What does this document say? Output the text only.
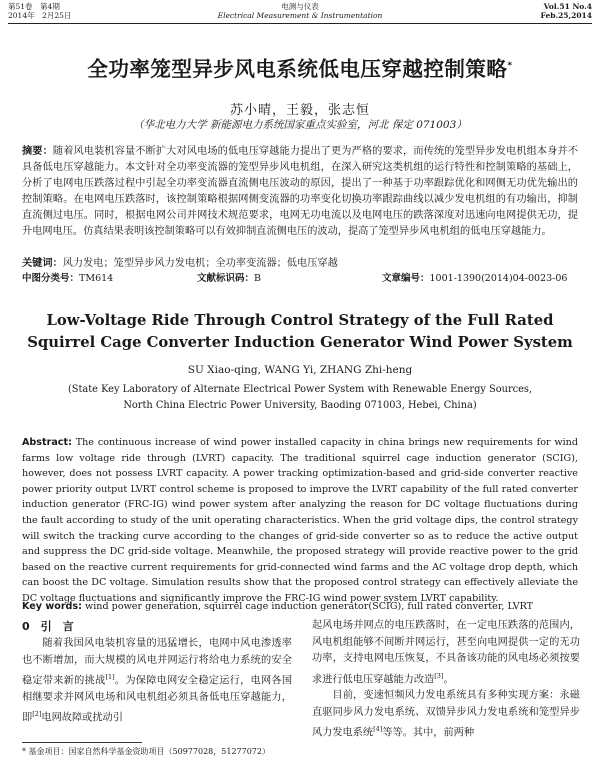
第51卷　第4期
2014年　2月25日
电测与仪表
Electrical Measurement & Instrumentation
Vol.51 No.4
Feb.25,2014
全功率笼型异步风电系统低电压穿越控制策略*
苏小晴，王毅，张志恒
（华北电力大学 新能源电力系统国家重点实验室，河北 保定 071003）
摘要：随着风电装机容量不断扩大对风电场的低电压穿越能力提出了更为严格的要求，而传统的笼型异步发电机组本身并不具备低电压穿越能力。本文针对全功率变流器的笼型异步风电机组，在深入研究这类机组的运行特性和控制策略的基础上，分析了电网电压跌落过程中引起全功率变流器直流侧电压波动的原因，提出了一种基于功率跟踪优化和网侧无功优先输出的控制策略。在电网电压跌落时，该控制策略根据网侧变流器的功率变化切换功率跟踪曲线以减少发电机组的有功输出，抑制直流侧过电压。同时，根据电网公司并网技术规范要求，电网无功电流以及电网电压的跌落深度对迅速向电网提供无功，提升电网电压。仿真结果表明该控制策略可以有效抑制直流侧电压的波动，提高了笼型异步风电机组的低电压穿越能力。
关键词：风力发电；笼型异步风力发电机；全功率变流器；低电压穿越
中图分类号：TM614	文献标识码：B	文章编号：1001-1390(2014)04-0023-06
Low-Voltage Ride Through Control Strategy of the Full Rated Squirrel Cage Converter Induction Generator Wind Power System
SU Xiao-qing, WANG Yi, ZHANG Zhi-heng
(State Key Laboratory of Alternate Electrical Power System with Renewable Energy Sources, North China Electric Power University, Baoding 071003, Hebei, China)
Abstract: The continuous increase of wind power installed capacity in china brings new requirements for wind farms low voltage ride through (LVRT) capacity. The traditional squirrel cage induction generator (SCIG), however, does not possess LVRT capacity. A power tracking optimization-based and grid-side converter reactive power priority output LVRT control scheme is proposed to improve the LVRT capability of the full rated converter induction generator (FRC-IG) wind power system after analyzing the reason for DC voltage fluctuations during the fault according to study of the unit operating characteristics. When the grid voltage dips, the control strategy will switch the tracking curve according to the changes of grid-side converter so as to reduce the active output and suppress the DC grid-side voltage. Meanwhile, the proposed strategy will provide reactive power to the grid based on the reactive current requirements for grid-connected wind farms and the AC voltage drop depth, which can boost the DC voltage. Simulation results show that the proposed control strategy can effectively alleviate the DC voltage fluctuations and significantly improve the FRC-IG wind power system LVRT capability.
Key words: wind power generation, squirrel cage induction generator(SCIG), full rated converter, LVRT
0　引　言
随着我国风电装机容量的迅猛增长，电网中风电渗透率也不断增加，而大规模的风电并网运行将给电力系统的安全稳定带来新的挑战[1]。为保障电网安全稳定运行，电网各国相继要求并网风电场和风电机组必须具备低电压穿越能力，即[2]电网故障或扰动引

起风电场并网点的电压跌落时，在一定电压跌落的范围内，风电机组能够不间断并网运行，甚至向电网提供一定的无功功率，支持电网电压恢复，不具备该功能的风电场必须按要求进行低电压穿越能力改造[3]。

目前，变速恒频风力发电系统具有多种实现方案：永磁直驱同步风力发电系统、双馈异步风力发电系统和笼型异步风力发电系统[4]等等。其中，前两种

* 基金项目：国家自然科学基金资助项目（50977028，51277072）
